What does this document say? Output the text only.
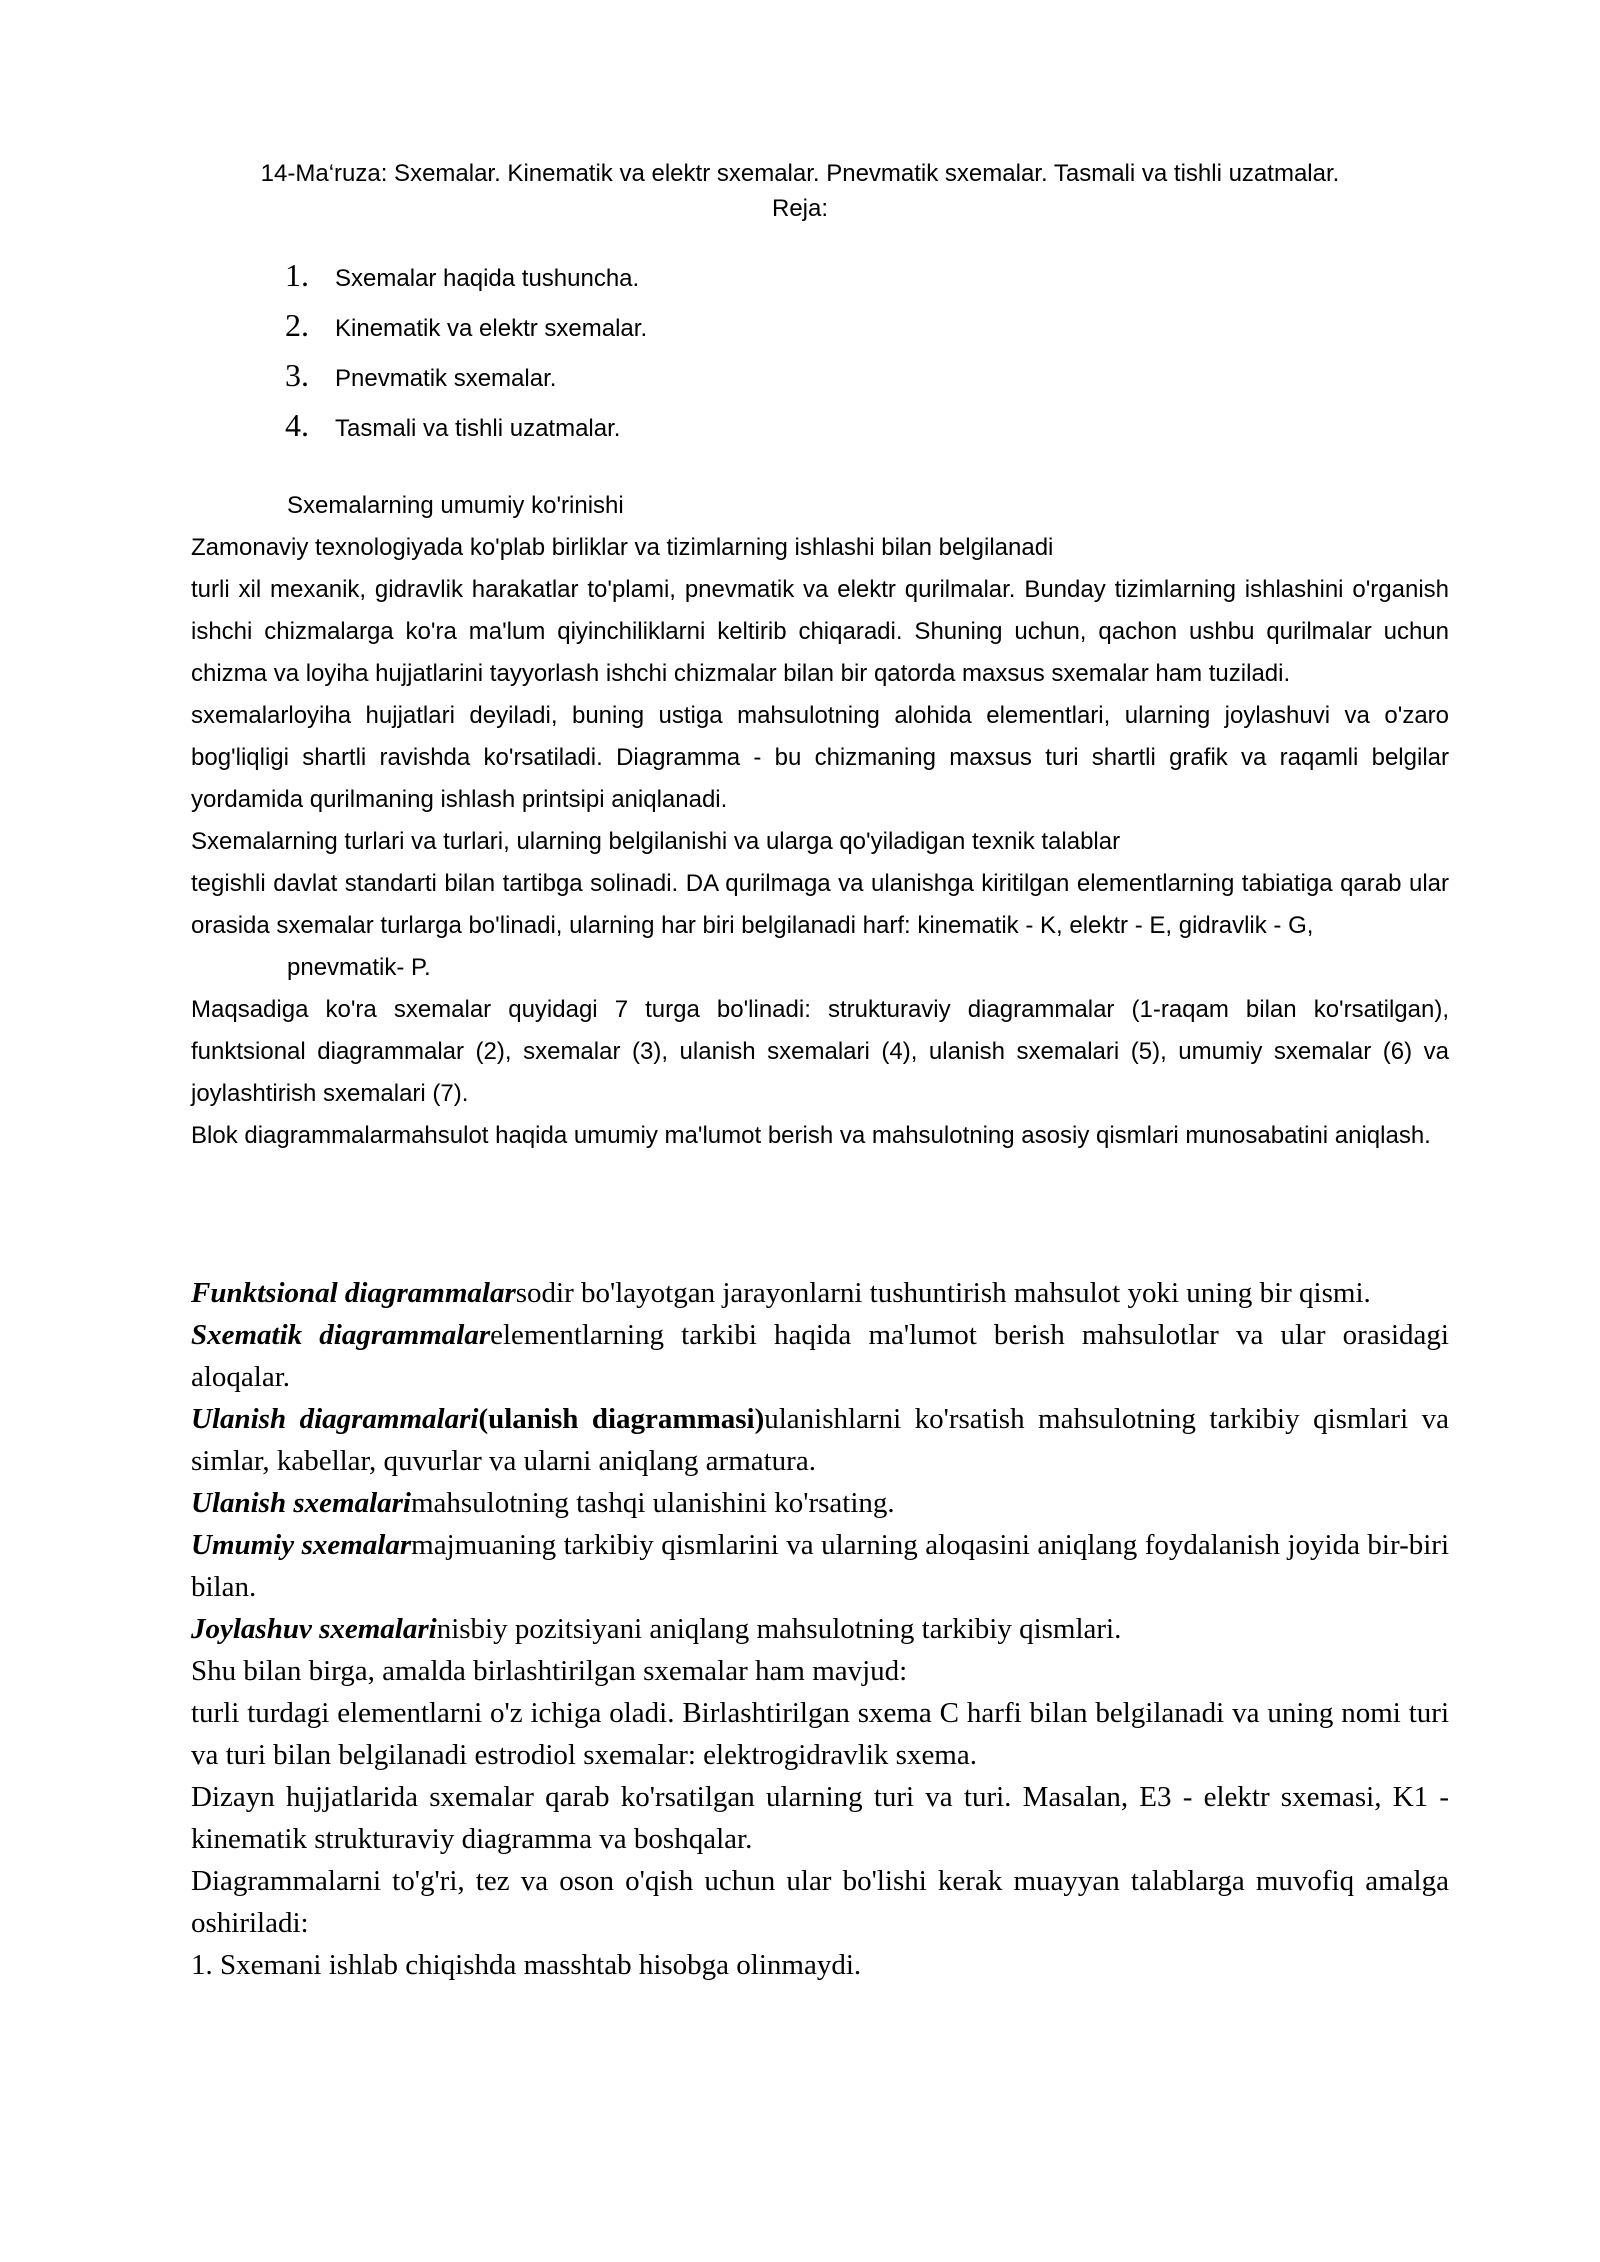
14-Ma‘ruza: Sxemalar. Kinematik va elektr sxemalar. Pnevmatik sxemalar. Tasmali va tishli uzatmalar.
Reja:
1.	Sxemalar haqida tushuncha.
2.	Kinematik va elektr sxemalar.
3.	Pnevmatik sxemalar.
4.	Tasmali va tishli uzatmalar.

Sxemalarning umumiy ko'rinishi

Zamonaviy texnologiyada ko'plab birliklar va tizimlarning ishlashi bilan belgilanadi

turli xil mexanik, gidravlik harakatlar to'plami, pnevmatik va elektr qurilmalar. Bunday tizimlarning ishlashini o'rganish ishchi chizmalarga ko'ra ma'lum qiyinchiliklarni keltirib chiqaradi. Shuning uchun, qachon ushbu qurilmalar uchun chizma va loyiha hujjatlarini tayyorlash ishchi chizmalar bilan bir qatorda maxsus sxemalar ham tuziladi.

sxemalarloyiha hujjatlari deyiladi, buning ustiga mahsulotning alohida elementlari, ularning joylashuvi va o'zaro bog'liqligi shartli ravishda ko'rsatiladi. Diagramma - bu chizmaning maxsus turi shartli grafik va raqamli belgilar yordamida qurilmaning ishlash printsipi aniqlanadi.

Sxemalarning turlari va turlari, ularning belgilanishi va ularga qo'yiladigan texnik talablar

tegishli davlat standarti bilan tartibga solinadi. DA qurilmaga va ulanishga kiritilgan elementlarning tabiatiga qarab ular orasida sxemalar turlarga bo'linadi, ularning har biri belgilanadi harf: kinematik - K, elektr - E, gidravlik - G,

pnevmatik- P.

Maqsadiga ko'ra sxemalar quyidagi 7 turga bo'linadi: strukturaviy diagrammalar (1-raqam bilan ko'rsatilgan), funktsional diagrammalar (2), sxemalar (3), ulanish sxemalari (4), ulanish sxemalari (5), umumiy sxemalar (6) va joylashtirish sxemalari (7).

Blok diagrammalarmahsulot haqida umumiy ma'lumot berish va mahsulotning asosiy qismlari munosabatini aniqlash.

Funktsional diagrammalarsodir bo'layotgan jarayonlarni tushuntirish mahsulot yoki uning bir qismi.

Sxematik diagrammalarelementlarning tarkibi haqida ma'lumot berish mahsulotlar va ular orasidagi aloqalar.

Ulanish diagrammalari(ulanish diagrammasi)ulanishlarni ko'rsatish mahsulotning tarkibiy qismlari va simlar, kabellar, quvurlar va ularni aniqlang armatura.

Ulanish sxemalarimahsulotning tashqi ulanishini ko'rsating.

Umumiy sxemalarmajmuaning tarkibiy qismlarini va ularning aloqasini aniqlang foydalanish joyida bir-biri bilan.

Joylashuv sxemalarinisbiy pozitsiyani aniqlang mahsulotning tarkibiy qismlari.

Shu bilan birga, amalda birlashtirilgan sxemalar ham mavjud:

turli turdagi elementlarni o'z ichiga oladi. Birlashtirilgan sxema C harfi bilan belgilanadi va uning nomi turi va turi bilan belgilanadi estrodiol sxemalar: elektrogidravlik sxema.

Dizayn hujjatlarida sxemalar qarab ko'rsatilgan ularning turi va turi. Masalan, E3 - elektr sxemasi, K1 - kinematik strukturaviy diagramma va boshqalar.

Diagrammalarni to'g'ri, tez va oson o'qish uchun ular bo'lishi kerak muayyan talablarga muvofiq amalga oshiriladi:

1. Sxemani ishlab chiqishda masshtab hisobga olinmaydi.
